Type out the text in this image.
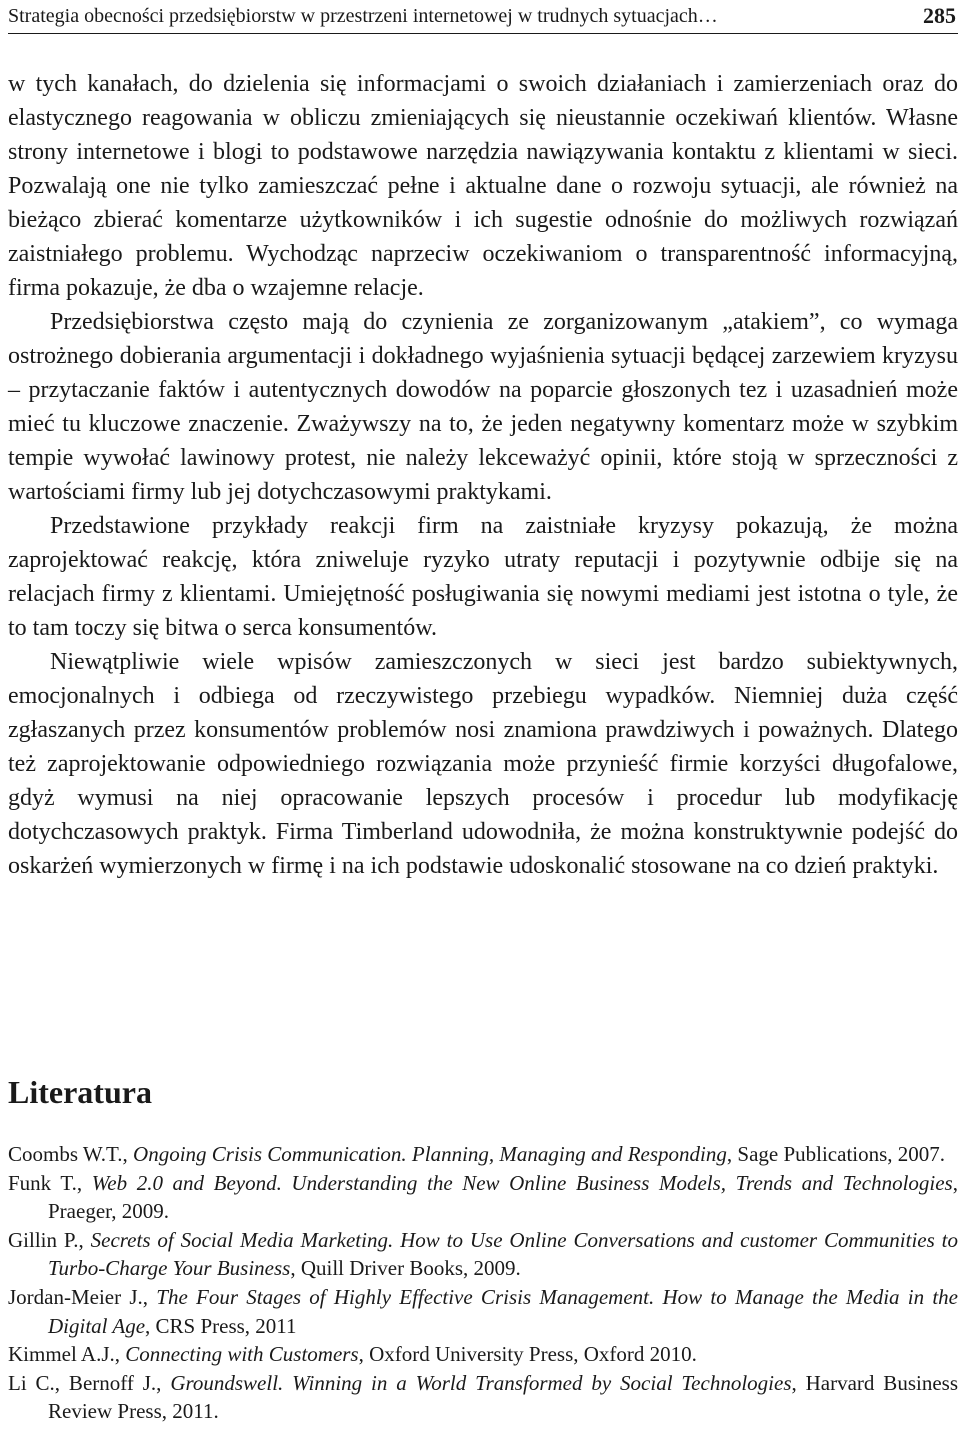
Strategia obecności przedsiębiorstw w przestrzeni internetowej w trudnych sytuacjach…	285

w tych kanałach, do dzielenia się informacjami o swoich działaniach i zamierzeniach oraz do elastycznego reagowania w obliczu zmieniających się nieustannie oczekiwań klientów. Własne strony internetowe i blogi to podstawowe narzędzia nawiązywania kontaktu z klientami w sieci. Pozwalają one nie tylko zamieszczać pełne i aktualne dane o rozwoju sytuacji, ale również na bieżąco zbierać komentarze użytkowników i ich sugestie odnośnie do możliwych rozwiązań zaistniałego problemu. Wychodząc naprzeciw oczekiwaniom o transparentność informacyjną, firma pokazuje, że dba o wzajemne relacje.

Przedsiębiorstwa często mają do czynienia ze zorganizowanym „atakiem”, co wymaga ostrożnego dobierania argumentacji i dokładnego wyjaśnienia sytuacji będącej zarzewiem kryzysu – przytaczanie faktów i autentycznych dowodów na poparcie głoszonych tez i uzasadnień może mieć tu kluczowe znaczenie. Zważywszy na to, że jeden negatywny komentarz może w szybkim tempie wywołać lawinowy protest, nie należy lekceważyć opinii, które stoją w sprzeczności z wartościami firmy lub jej dotychczasowymi praktykami.

Przedstawione przykłady reakcji firm na zaistniałe kryzysy pokazują, że można zaprojektować reakcję, która zniweluje ryzyko utraty reputacji i pozytywnie odbije się na relacjach firmy z klientami. Umiejętność posługiwania się nowymi mediami jest istotna o tyle, że to tam toczy się bitwa o serca konsumentów.

Niewątpliwie wiele wpisów zamieszczonych w sieci jest bardzo subiektywnych, emocjonalnych i odbiega od rzeczywistego przebiegu wypadków. Niemniej duża część zgłaszanych przez konsumentów problemów nosi znamiona prawdziwych i poważnych. Dlatego też zaprojektowanie odpowiedniego rozwiązania może przynieść firmie korzyści długofalowe, gdyż wymusi na niej opracowanie lepszych procesów i procedur lub modyfikację dotychczasowych praktyk. Firma Timberland udowodniła, że można konstruktywnie podejść do oskarżeń wymierzonych w firmę i na ich podstawie udoskonalić stosowane na co dzień praktyki.

Literatura

Coombs W.T., Ongoing Crisis Communication. Planning, Managing and Responding, Sage Publications, 2007.

Funk T., Web 2.0 and Beyond. Understanding the New Online Business Models, Trends and Technologies, Praeger, 2009.

Gillin P., Secrets of Social Media Marketing. How to Use Online Conversations and customer Communities to Turbo-Charge Your Business, Quill Driver Books, 2009.

Jordan-Meier J., The Four Stages of Highly Effective Crisis Management. How to Manage the Media in the Digital Age, CRS Press, 2011

Kimmel A.J., Connecting with Customers, Oxford University Press, Oxford 2010.

Li C., Bernoff J., Groundswell. Winning in a World Transformed by Social Technologies, Harvard Business Review Press, 2011.
